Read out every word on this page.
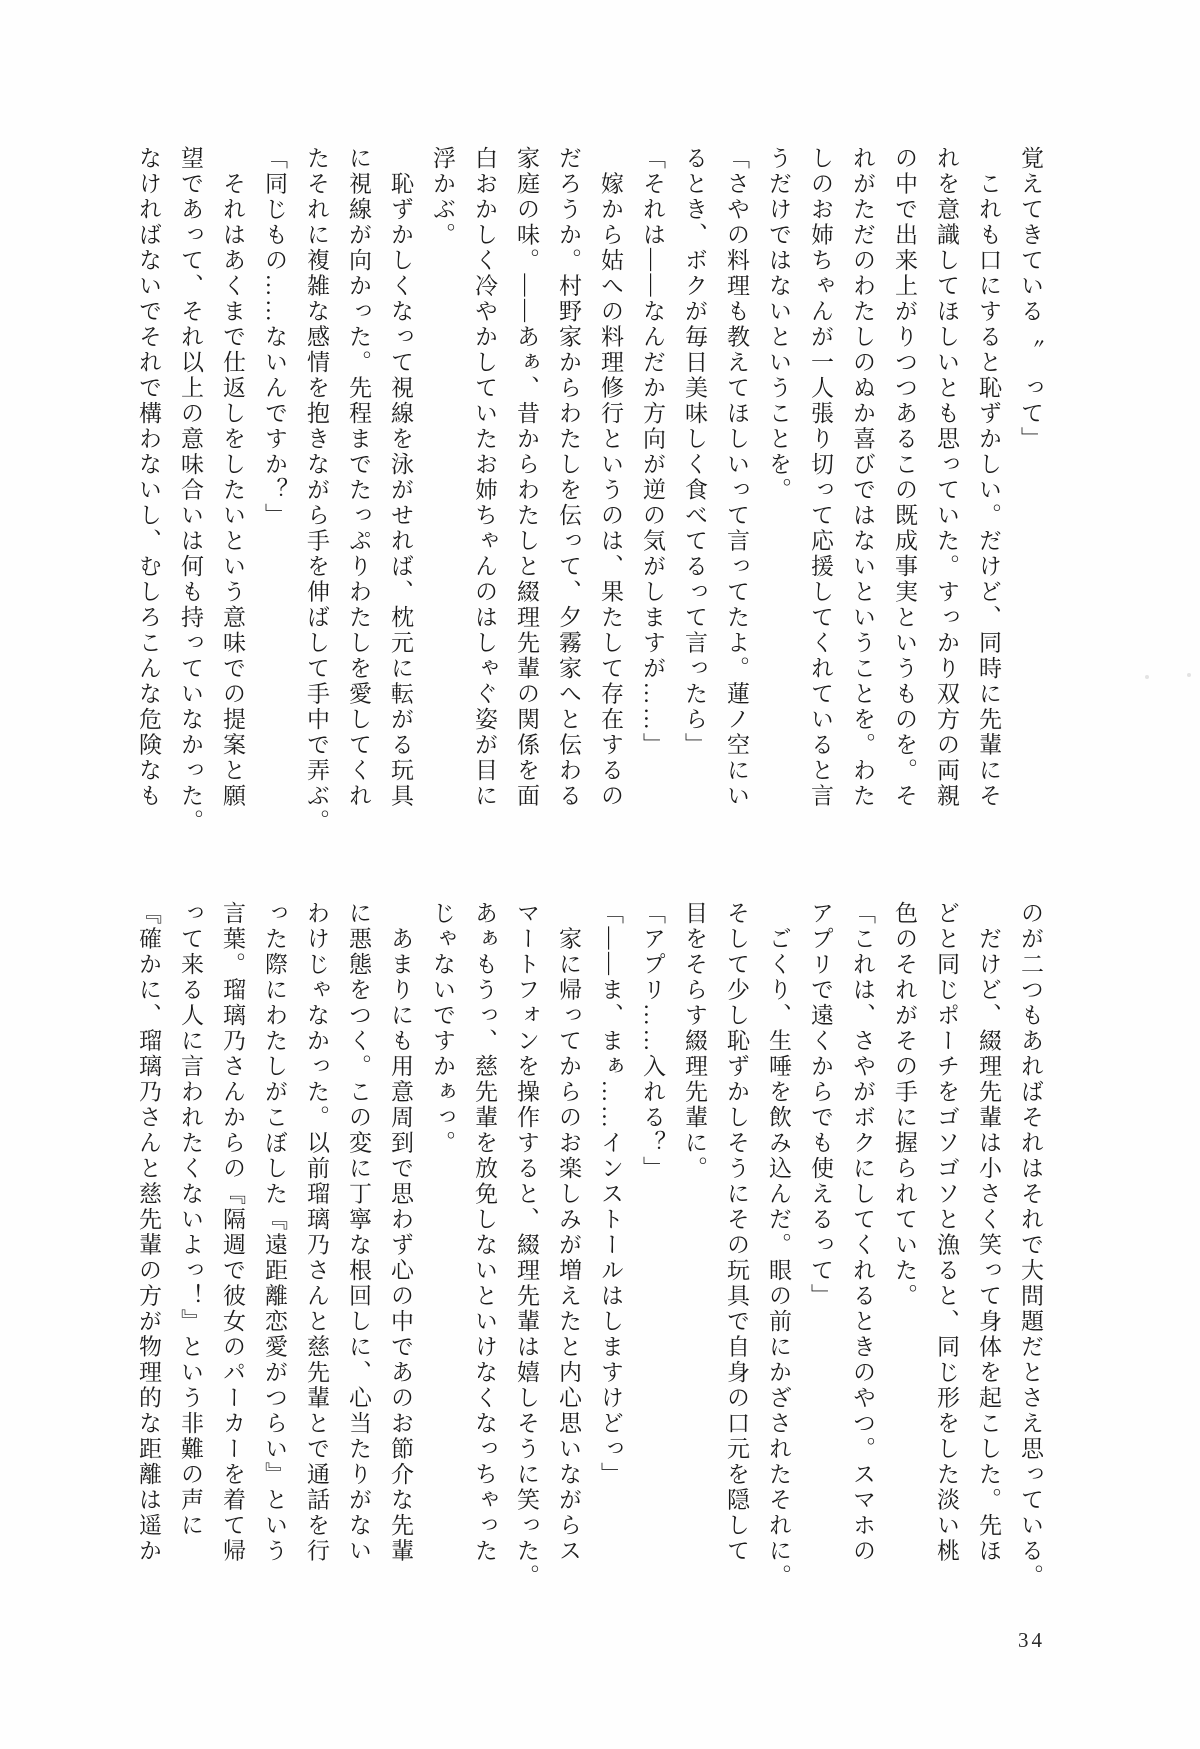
覚えてきている〝　って」
　これも口にすると恥ずかしい。だけど、同時に先輩にそ
れを意識してほしいとも思っていた。すっかり双方の両親
の中で出来上がりつつあるこの既成事実というものを。そ
れがただのわたしのぬか喜びではないということを。わた
しのお姉ちゃんが一人張り切って応援してくれていると言
うだけではないということを。
「さやの料理も教えてほしいって言ってたよ。蓮ノ空にい
るとき、ボクが毎日美味しく食べてるって言ったら」
「それは――なんだか方向が逆の気がしますが……」
　嫁から姑への料理修行というのは、果たして存在するの
だろうか。村野家からわたしを伝って、夕霧家へと伝わる
家庭の味。――あぁ、昔からわたしと綴理先輩の関係を面
白おかしく冷やかしていたお姉ちゃんのはしゃぐ姿が目に
浮かぶ。
　恥ずかしくなって視線を泳がせれば、枕元に転がる玩具
に視線が向かった。先程までたっぷりわたしを愛してくれ
たそれに複雑な感情を抱きながら手を伸ばして手中で弄ぶ。
「同じもの……ないんですか？」
　それはあくまで仕返しをしたいという意味での提案と願
望であって、それ以上の意味合いは何も持っていなかった。
なければないでそれで構わないし、むしろこんな危険なも
のが二つもあればそれはそれで大問題だとさえ思っている。
　だけど、綴理先輩は小さく笑って身体を起こした。先ほ
どと同じポーチをゴソゴソと漁ると、同じ形をした淡い桃
色のそれがその手に握られていた。
「これは、さやがボクにしてくれるときのやつ。スマホの
アプリで遠くからでも使えるって」
　ごくり、生唾を飲み込んだ。眼の前にかざされたそれに。
そして少し恥ずかしそうにその玩具で自身の口元を隠して
目をそらす綴理先輩に。
「アプリ……入れる？」
「――ま、まぁ……インストールはしますけどっ」
　家に帰ってからのお楽しみが増えたと内心思いながらス
マートフォンを操作すると、綴理先輩は嬉しそうに笑った。
あぁもうっ、慈先輩を放免しないといけなくなっちゃった
じゃないですかぁっ。
　あまりにも用意周到で思わず心の中であのお節介な先輩
に悪態をつく。この変に丁寧な根回しに、心当たりがない
わけじゃなかった。以前瑠璃乃さんと慈先輩とで通話を行
った際にわたしがこぼした『遠距離恋愛がつらい』という
言葉。瑠璃乃さんからの『隔週で彼女のパーカーを着て帰
って来る人に言われたくないよっ！』という非難の声に
『確かに、瑠璃乃さんと慈先輩の方が物理的な距離は遥か
34
